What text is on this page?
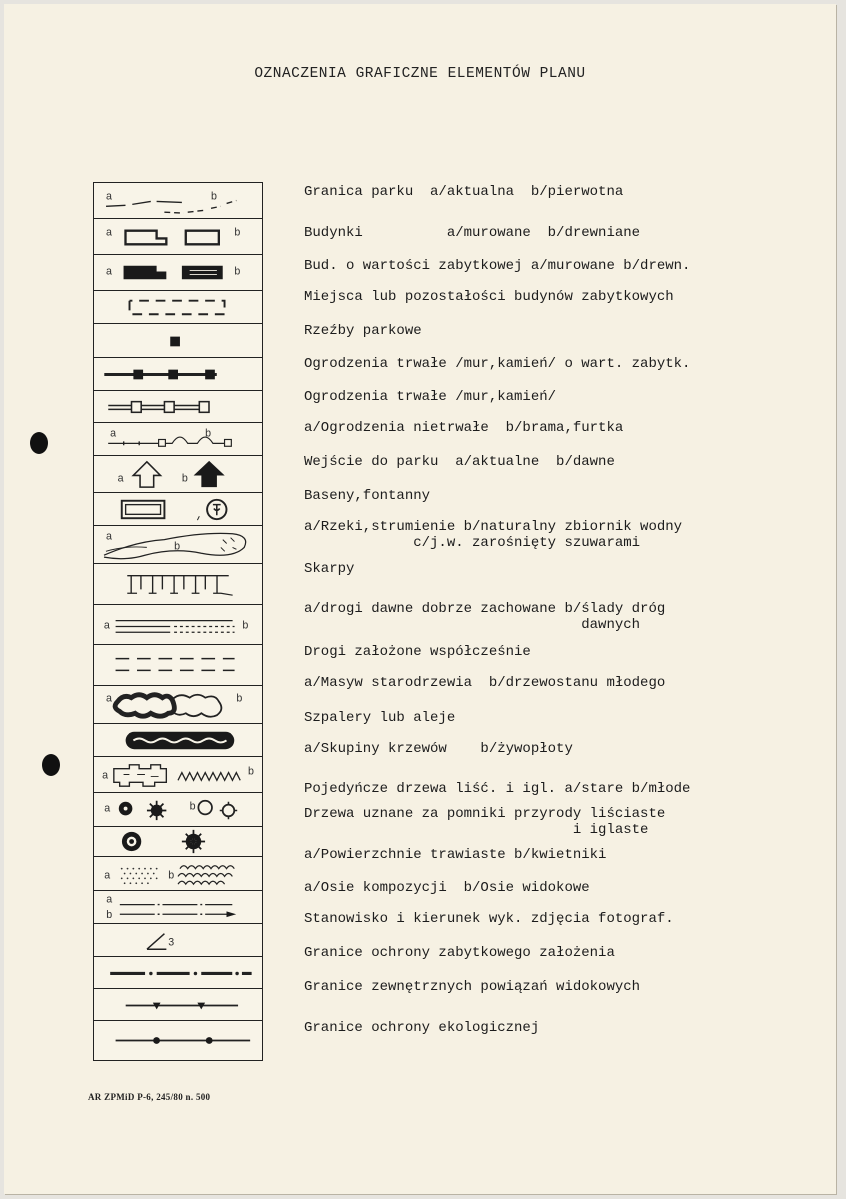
OZNACZENIA GRAFICZNE ELEMENTÓW PLANU
a	b
a	b
a	b
a	b
a	b
a
b
a	b
a	b
a	b
a	b
a	b
a
b
3
Granica parku  a/aktualna  b/pierwotna
Budynki          a/murowane  b/drewniane
Bud. o wartości zabytkowej a/murowane b/drewn.
Miejsca lub pozostałości budynów zabytkowych
Rzeźby parkowe
Ogrodzenia trwałe /mur,kamień/ o wart. zabytk.
Ogrodzenia trwałe /mur,kamień/
a/Ogrodzenia nietrwałe  b/brama,furtka
Wejście do parku  a/aktualne  b/dawne
Baseny,fontanny
a/Rzeki,strumienie b/naturalny zbiornik wodny
c/j.w. zarośnięty szuwarami
Skarpy
a/drogi dawne dobrze zachowane b/ślady dróg
dawnych
Drogi założone współcześnie
a/Masyw starodrzewia  b/drzewostanu młodego
Szpalery lub aleje
a/Skupiny krzewów    b/żywopłoty
Pojedyńcze drzewa liść. i igl. a/stare b/młode
Drzewa uznane za pomniki przyrody liściaste
i iglaste
a/Powierzchnie trawiaste b/kwietniki
a/Osie kompozycji  b/Osie widokowe
Stanowisko i kierunek wyk. zdjęcia fotograf.
Granice ochrony zabytkowego założenia
Granice zewnętrznych powiązań widokowych
Granice ochrony ekologicznej
AR ZPMiD P-6, 245/80 n. 500
